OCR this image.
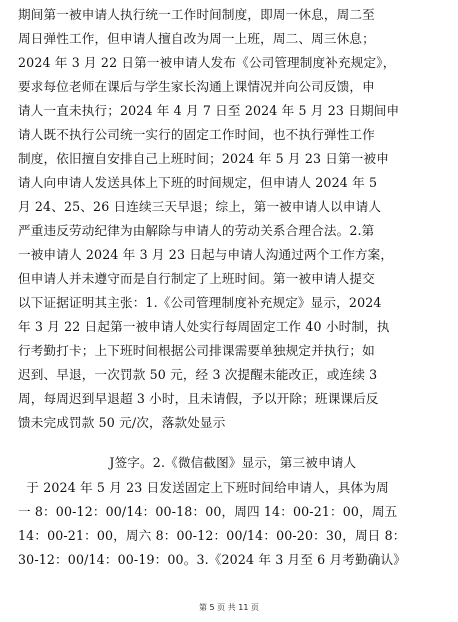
期间第一被申请人执行统一工作时间制度，即周一休息，周二至
周日弹性工作，但申请人擅自改为周一上班，周二、周三休息；
2024 年 3 月 22 日第一被申请人发布《公司管理制度补充规定》，
要求每位老师在课后与学生家长沟通上课情况并向公司反馈，申
请人一直未执行；2024 年 4 月 7 日至 2024 年 5 月 23 日期间申
请人既不执行公司统一实行的固定工作时间，也不执行弹性工作
制度，依旧擅自安排自己上班时间；2024 年 5 月 23 日第一被申
请人向申请人发送具体上下班的时间规定，但申请人 2024 年 5
月 24、25、26 日连续三天早退；综上，第一被申请人以申请人
严重违反劳动纪律为由解除与申请人的劳动关系合理合法。2.第
一被申请人 2024 年 3 月 23 日起与申请人沟通过两个工作方案，
但申请人并未遵守而是自行制定了上班时间。第一被申请人提交
以下证据证明其主张：1.《公司管理制度补充规定》显示，2024
年 3 月 22 日起第一被申请人处实行每周固定工作 40 小时制，执
行考勤打卡；上下班时间根据公司排课需要单独规定并执行；如
迟到、早退，一次罚款 50 元，经 3 次提醒未能改正，或连续 3
周，每周迟到早退超 3 小时，且未请假，予以开除；班课课后反
馈未完成罚款 50 元/次，落款处显示
J签字。2.《微信截图》显示，第三被申请人
于 2024 年 5 月 23 日发送固定上下班时间给申请人，具体为周
一 8：00-12：00/14：00-18：00，周四 14：00-21：00，周五
14：00-21：00，周六 8：00-12：00/14：00-20：30，周日 8：
30-12：00/14：00-19：00。3.《2024 年 3 月至 6 月考勤确认》
第 5 页 共 11 页
